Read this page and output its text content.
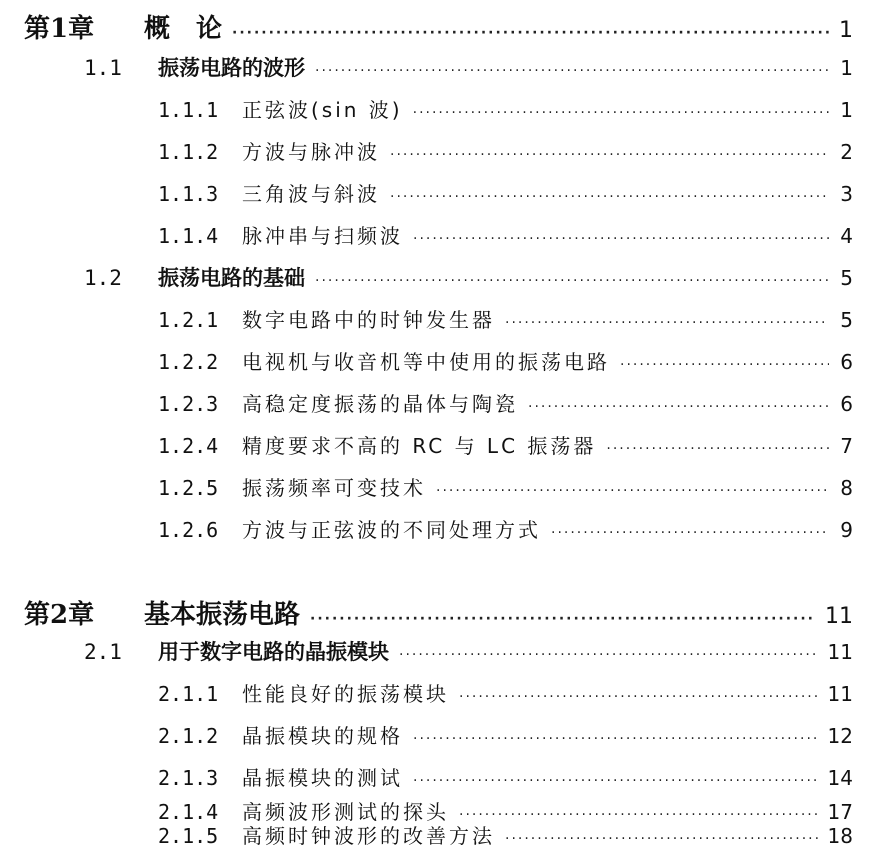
第1章	概　论 ·····	1
1.1	振荡电路的波形 ·····	1
1.1.1	正弦波(sin 波) ·····	1
1.1.2	方波与脉冲波 ·····	2
1.1.3	三角波与斜波 ·····	3
1.1.4	脉冲串与扫频波 ·····	4
1.2	振荡电路的基础 ·····	5
1.2.1	数字电路中的时钟发生器 ·····	5
1.2.2	电视机与收音机等中使用的振荡电路 ·····	6
1.2.3	高稳定度振荡的晶体与陶瓷 ·····	6
1.2.4	精度要求不高的 RC 与 LC 振荡器 ·····	7
1.2.5	振荡频率可变技术 ·····	8
1.2.6	方波与正弦波的不同处理方式 ·····	9
第2章	基本振荡电路 ·····	11
2.1	用于数字电路的晶振模块 ·····	11
2.1.1	性能良好的振荡模块 ·····	11
2.1.2	晶振模块的规格 ·····	12
2.1.3	晶振模块的测试 ·····	14
2.1.4	高频波形测试的探头 ·····	17
2.1.5	高频时钟波形的改善方法 ·····	18
